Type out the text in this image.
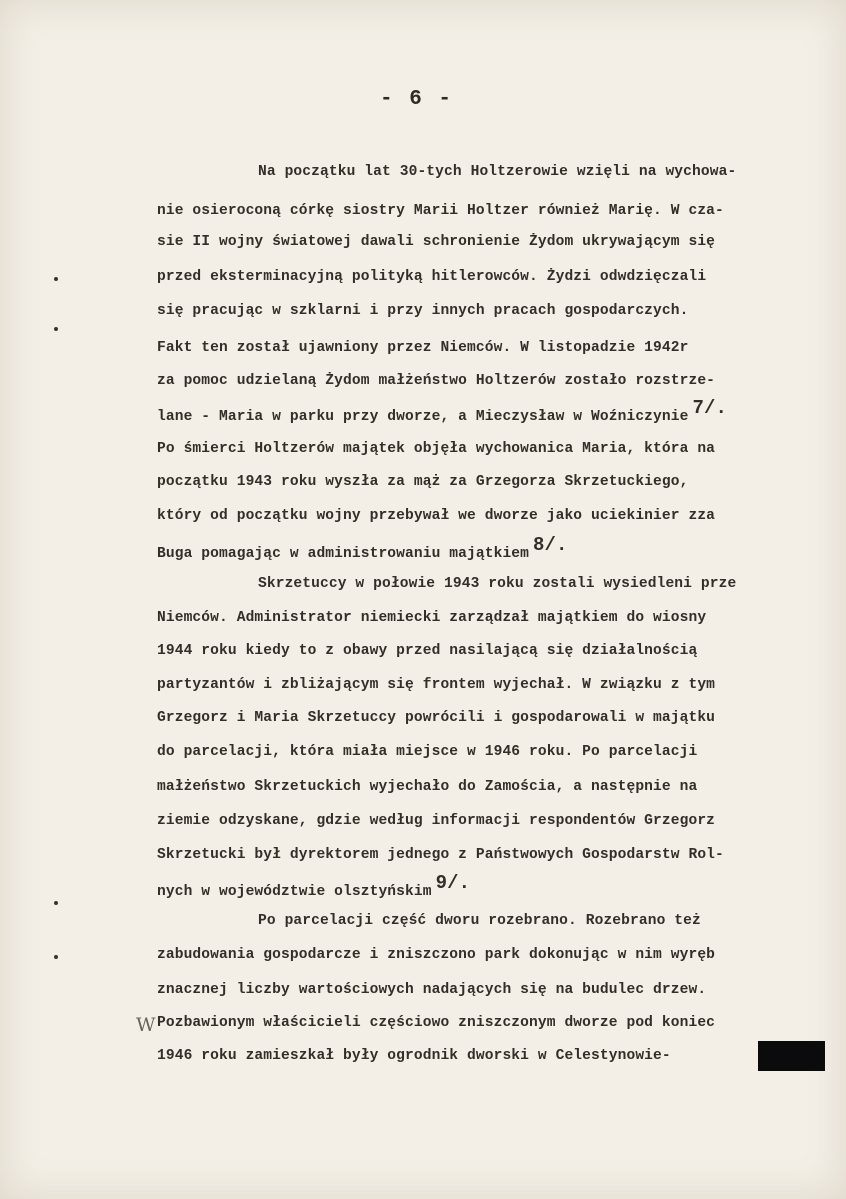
- 6 -
Na początku lat 30-tych Holtzerowie wzięli na wychowa-
nie osieroconą córkę siostry Marii Holtzer również Marię. W cza-
sie II wojny światowej dawali schronienie Żydom ukrywającym się
przed eksterminacyjną polityką hitlerowców. Żydzi odwdzięczali
się pracując w szklarni i przy innych pracach gospodarczych.
Fakt ten został ujawniony przez Niemców. W listopadzie 1942r
za pomoc udzielaną Żydom małżeństwo Holtzerów zostało rozstrze-
lane - Maria w parku przy dworze, a Mieczysław w Woźniczynie 7/.
Po śmierci Holtzerów majątek objęła wychowanica Maria, która na
początku 1943 roku wyszła za mąż za Grzegorza Skrzetuckiego,
który od początku wojny przebywał we dworze jako uciekinier zza
Buga pomagając w administrowaniu majątkiem 8/.
Skrzetuccy w połowie 1943 roku zostali wysiedleni prze
Niemców. Administrator niemiecki zarządzał majątkiem do wiosny
1944 roku kiedy to z obawy przed nasilającą się działalnością
partyzantów i zbliżającym się frontem wyjechał. W związku z tym
Grzegorz i Maria Skrzetuccy powrócili i gospodarowali w majątku
do parcelacji, która miała miejsce w 1946 roku. Po parcelacji
małżeństwo Skrzetuckich wyjechało do Zamościa, a następnie na
ziemie odzyskane, gdzie według informacji respondentów Grzegorz
Skrzetucki był dyrektorem jednego z Państwowych Gospodarstw Rol-
nych w województwie olsztyńskim 9/.
Po parcelacji część dworu rozebrano. Rozebrano też
zabudowania gospodarcze i zniszczono park dokonując w nim wyręb
znacznej liczby wartościowych nadających się na budulec drzew.
Pozbawionym właścicieli częściowo zniszczonym dworze pod koniec
1946 roku zamieszkał były ogrodnik dworski w Celestynowie-
W
